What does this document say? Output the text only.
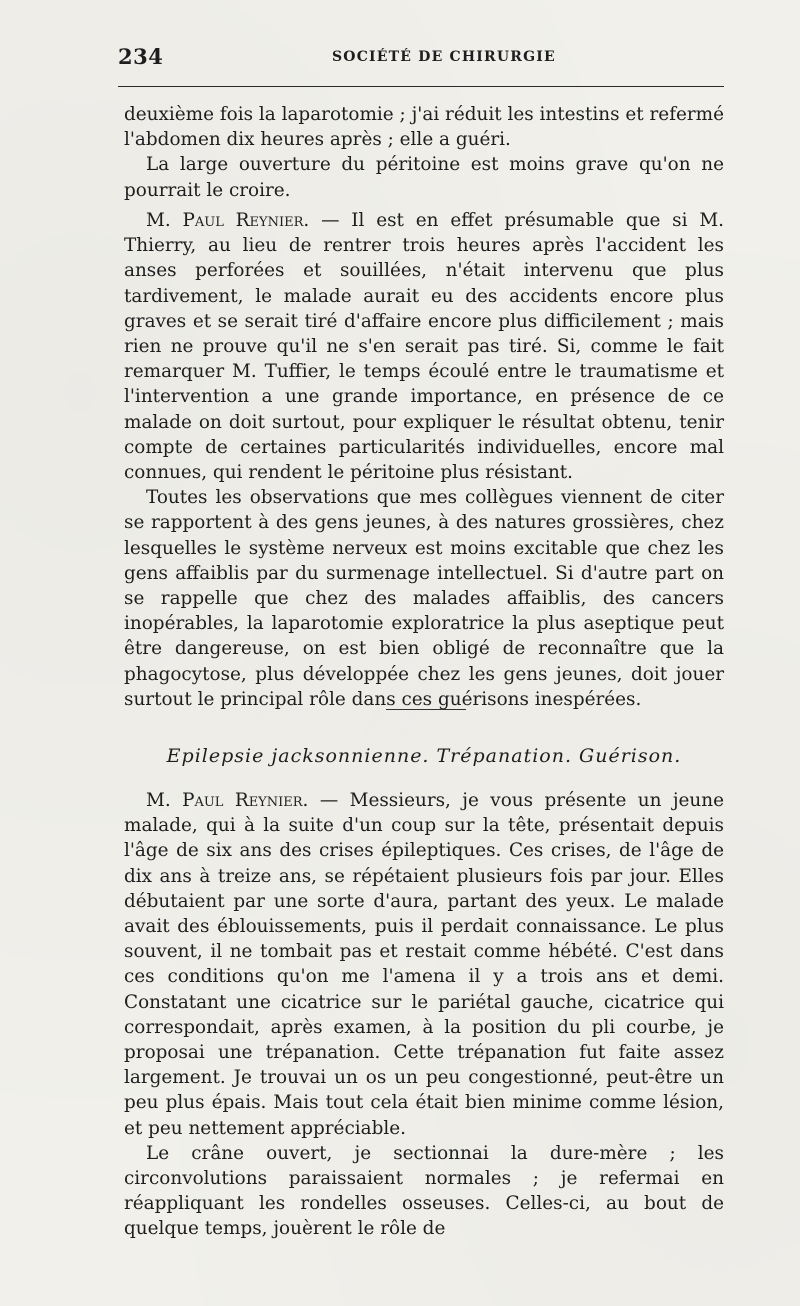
234	SOCIÉTÉ DE CHIRURGIE

deuxième fois la laparotomie ; j'ai réduit les intestins et refermé l'abdomen dix heures après ; elle a guéri.

La large ouverture du péritoine est moins grave qu'on ne pourrait le croire.

M. Paul Reynier. — Il est en effet présumable que si M. Thierry, au lieu de rentrer trois heures après l'accident les anses perforées et souillées, n'était intervenu que plus tardivement, le malade aurait eu des accidents encore plus graves et se serait tiré d'affaire encore plus difficilement ; mais rien ne prouve qu'il ne s'en serait pas tiré. Si, comme le fait remarquer M. Tuffier, le temps écoulé entre le traumatisme et l'intervention a une grande importance, en présence de ce malade on doit surtout, pour expliquer le résultat obtenu, tenir compte de certaines particularités individuelles, encore mal connues, qui rendent le péritoine plus résistant.

Toutes les observations que mes collègues viennent de citer se rapportent à des gens jeunes, à des natures grossières, chez lesquelles le système nerveux est moins excitable que chez les gens affaiblis par du surmenage intellectuel. Si d'autre part on se rappelle que chez des malades affaiblis, des cancers inopérables, la laparotomie exploratrice la plus aseptique peut être dangereuse, on est bien obligé de reconnaître que la phagocytose, plus développée chez les gens jeunes, doit jouer surtout le principal rôle dans ces guérisons inespérées.

Epilepsie jacksonnienne. Trépanation. Guérison.

M. Paul Reynier. — Messieurs, je vous présente un jeune malade, qui à la suite d'un coup sur la tête, présentait depuis l'âge de six ans des crises épileptiques. Ces crises, de l'âge de dix ans à treize ans, se répétaient plusieurs fois par jour. Elles débutaient par une sorte d'aura, partant des yeux. Le malade avait des éblouissements, puis il perdait connaissance. Le plus souvent, il ne tombait pas et restait comme hébété. C'est dans ces conditions qu'on me l'amena il y a trois ans et demi. Constatant une cicatrice sur le pariétal gauche, cicatrice qui correspondait, après examen, à la position du pli courbe, je proposai une trépanation. Cette trépanation fut faite assez largement. Je trouvai un os un peu congestionné, peut-être un peu plus épais. Mais tout cela était bien minime comme lésion, et peu nettement appréciable.

Le crâne ouvert, je sectionnai la dure-mère ; les circonvolutions paraissaient normales ; je refermai en réappliquant les rondelles osseuses. Celles-ci, au bout de quelque temps, jouèrent le rôle de
